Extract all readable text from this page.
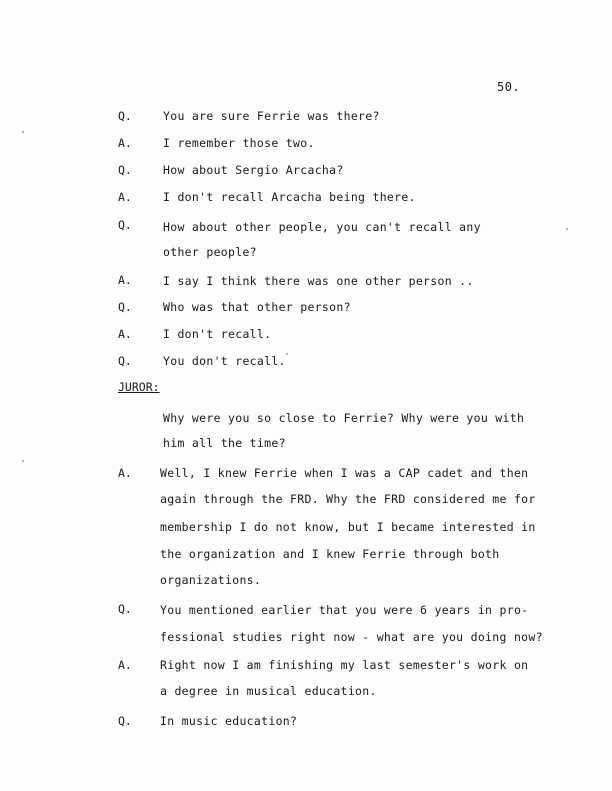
50.
Q.	You are sure Ferrie was there?
A.	I remember those two.
Q.	How about Sergio Arcacha?
A.	I don't recall Arcacha being there.
Q.	How about other people, you can't recall any
other people?
A.	I say I think there was one other person ..
Q.	Who was that other person?
A.	I don't recall.
Q.	You don't recall.
JUROR:
Why were you so close to Ferrie? Why were you with
him all the time?
A. Well, I knew Ferrie when I was a CAP cadet and then
again through the FRD. Why the FRD considered me for
membership I do not know, but I became interested in
the organization and I knew Ferrie through both
organizations.
Q. You mentioned earlier that you were 6 years in pro-
fessional studies right now - what are you doing now?
A. Right now I am finishing my last semester's work on
a degree in musical education.
Q. In music education?
